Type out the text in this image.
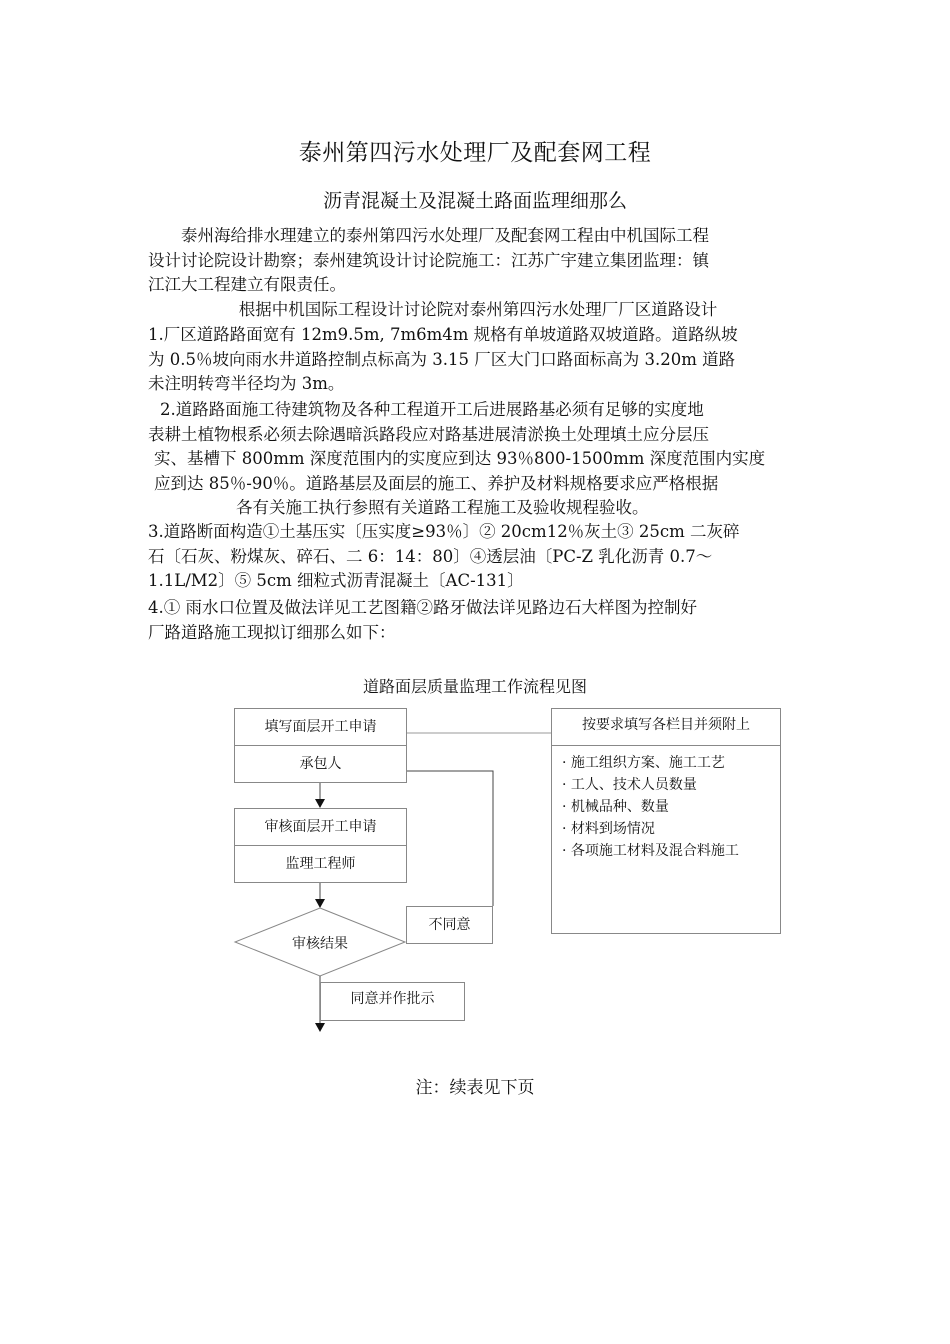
泰州第四污水处理厂及配套网工程
沥青混凝土及混凝土路面监理细那么
　　泰州海给排水理建立的泰州第四污水处理厂及配套网工程由中机国际工程
设计讨论院设计勘察；泰州建筑设计讨论院施工：江苏广宇建立集团监理：镇
江江大工程建立有限责任。
根据中机国际工程设计讨论院对泰州第四污水处理厂厂区道路设计
1.厂区道路路面宽有 12m9.5m, 7m6m4m 规格有单坡道路双坡道路。道路纵坡
为 0.5％坡向雨水井道路控制点标高为 3.15 厂区大门口路面标高为 3.20m 道路
未注明转弯半径均为 3m。
2.道路路面施工待建筑物及各种工程道开工后进展路基必须有足够的实度地
表耕土植物根系必须去除遇暗浜路段应对路基进展清淤换土处理填土应分层压
实、基槽下 800mm 深度范围内的实度应到达 93％800-1500mm 深度范围内实度
应到达 85％-90％。道路基层及面层的施工、养护及材料规格要求应严格根据
各有关施工执行参照有关道路工程施工及验收规程验收。
3.道路断面构造①土基压实〔压实度≥93％〕② 20cm12％灰土③ 25cm 二灰碎
石〔石灰、粉煤灰、碎石、二 6：14：80〕④透层油〔PC-Z 乳化沥青 0.7～
1.1L/M2〕⑤ 5cm 细粒式沥青混凝土〔AC-131〕
4.① 雨水口位置及做法详见工艺图籍②路牙做法详见路边石大样图为控制好
厂路道路施工现拟订细那么如下：
道路面层质量监理工作流程见图
填写面层开工申请
承包人
审核面层开工申请
监理工程师
审核结果
不同意
同意并作批示
按要求填写各栏目并须附上
· 施工组织方案、施工工艺
· 工人、技术人员数量
· 机械品种、数量
· 材料到场情况
· 各项施工材料及混合料施工
注：续表见下页
